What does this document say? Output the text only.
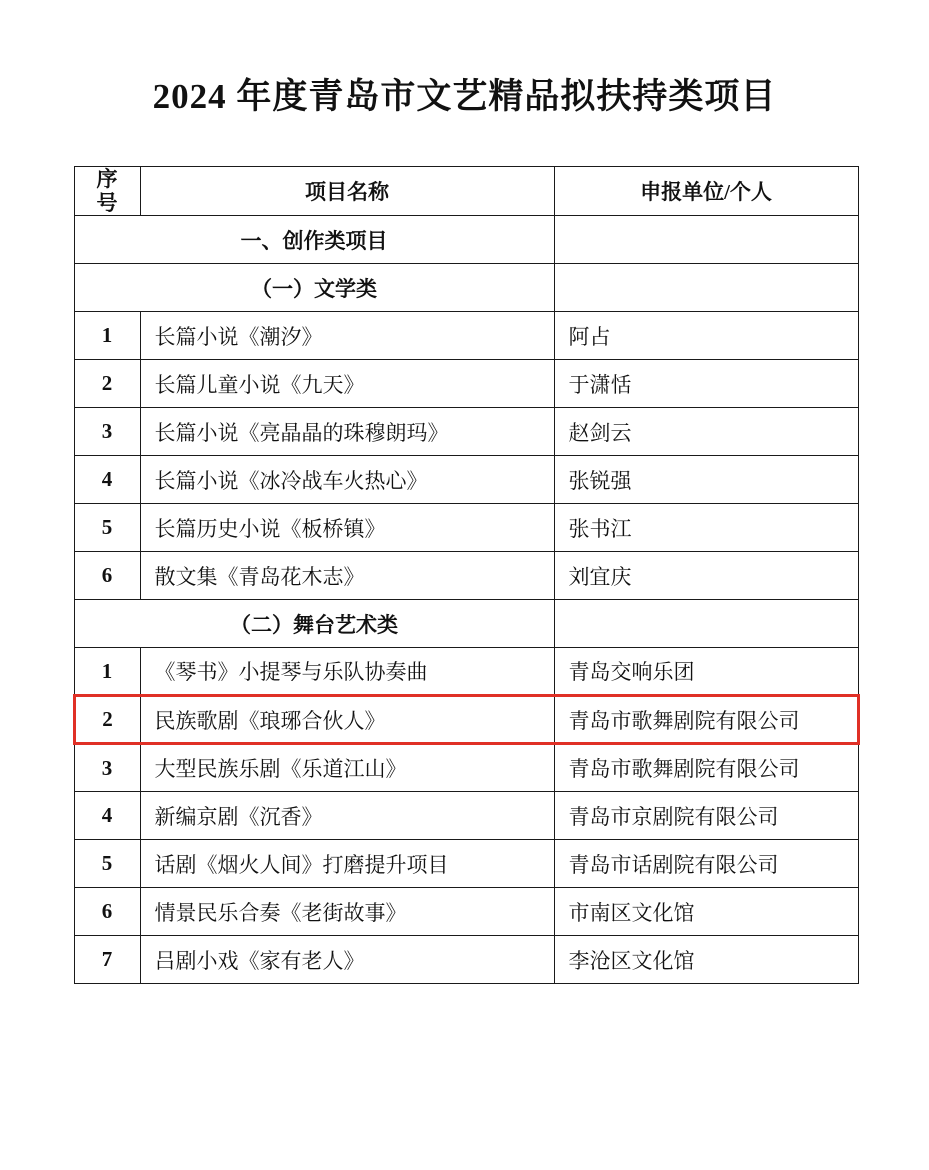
2024 年度青岛市文艺精品拟扶持类项目
序
号	项目名称	申报单位/个人
一、创作类项目		
（一）文学类		
1	长篇小说《潮汐》	阿占
2	长篇儿童小说《九天》	于潇恬
3	长篇小说《亮晶晶的珠穆朗玛》	赵剑云
4	长篇小说《冰冷战车火热心》	张锐强
5	长篇历史小说《板桥镇》	张书江
6	散文集《青岛花木志》	刘宜庆
（二）舞台艺术类		
1	《琴书》小提琴与乐队协奏曲	青岛交响乐团
2	民族歌剧《琅琊合伙人》	青岛市歌舞剧院有限公司
3	大型民族乐剧《乐道江山》	青岛市歌舞剧院有限公司
4	新编京剧《沉香》	青岛市京剧院有限公司
5	话剧《烟火人间》打磨提升项目	青岛市话剧院有限公司
6	情景民乐合奏《老街故事》	市南区文化馆
7	吕剧小戏《家有老人》	李沧区文化馆
